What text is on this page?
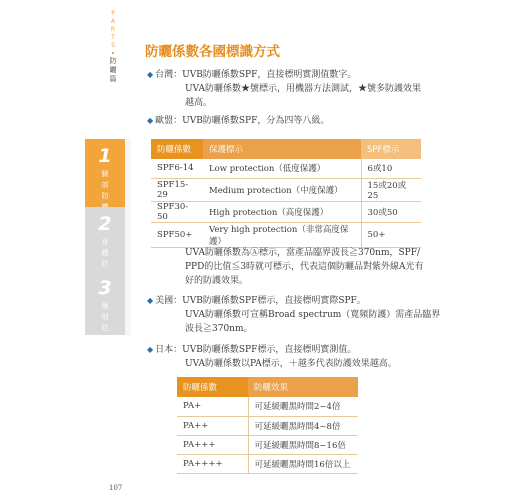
P
A
R
T
S
防
曬
篇
1
臉
部
防
2
身
體
防
3
個
別
防
曬
防曬係數各國標識方式
◆ 台灣：UVB防曬係數SPF，直接標明實測值數字。
UVA防曬係數★號標示，用機器方法測試，★號多防護效果
越高。
◆ 歐盟：UVB防曬係數SPF，分為四等八級。
防曬係數	保護標示	SPF標示
SPF6-14	Low protection（低度保護）	6或10
SPF15-29	Medium protection（中度保護）	15或20或25
SPF30-50	High protection（高度保護）	30或50
SPF50+	Very high protection（非常高度保護）	50+
UVA防曬係數為Ⓐ標示，當產品臨界波長≧370nm，SPF/
PPD的比值≦3時就可標示，代表這個防曬品對紫外線A光有
好的防護效果。
◆ 美國：UVB防曬係數SPF標示，直接標明實際SPF。
UVA防曬係數可宣稱Broad spectrum（寬頻防護）需產品臨界
波長≧370nm。
◆ 日本：UVB防曬係數SPF標示，直接標明實測值。
UVA防曬係數以PA標示，＋越多代表防護效果越高。
防曬係數	防曬效果
PA+	可延緩曬黑時間2~4倍
PA++	可延緩曬黑時間4~8倍
PA+++	可延緩曬黑時間8~16倍
PA++++	可延緩曬黑時間16倍以上
107
